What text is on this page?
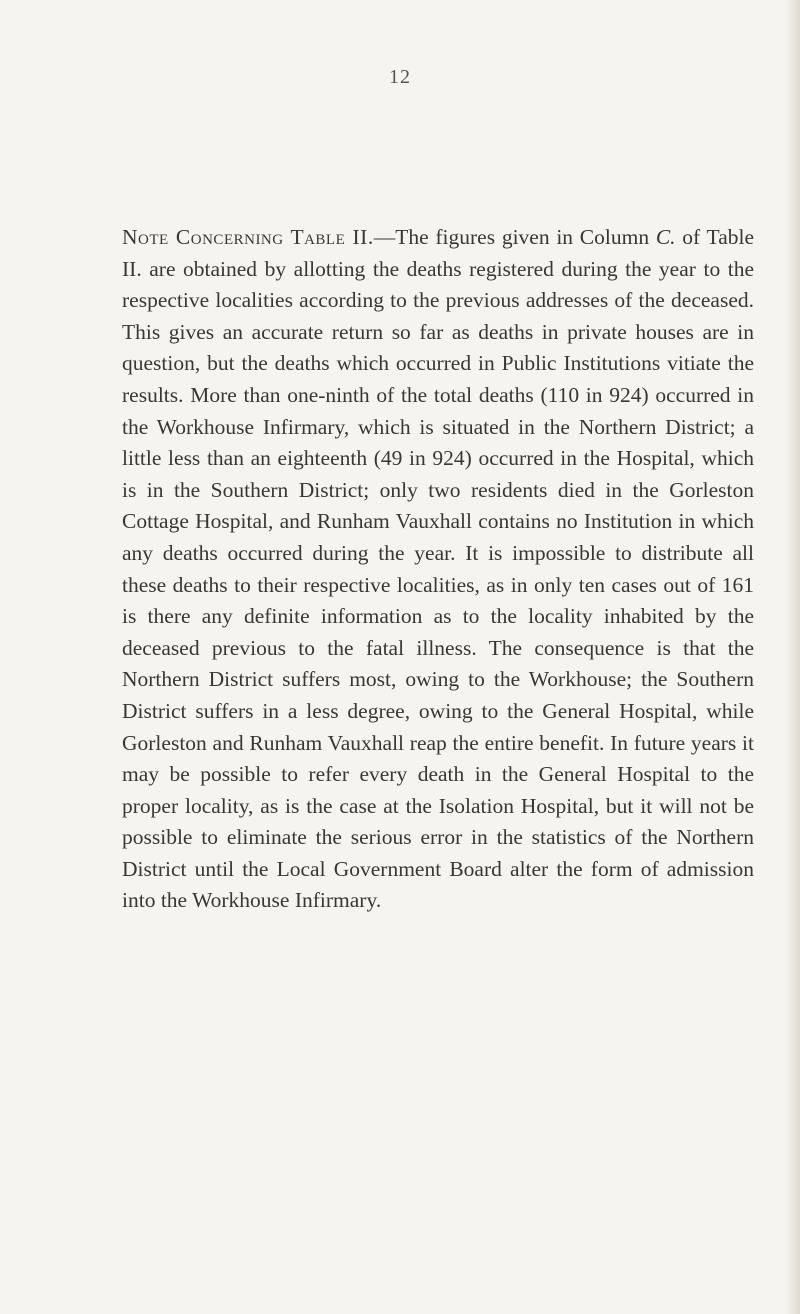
12

Note Concerning Table II.—The figures given in Column C. of Table II. are obtained by allotting the deaths registered during the year to the respective localities according to the previous addresses of the deceased. This gives an accurate return so far as deaths in private houses are in question, but the deaths which occurred in Public Institutions vitiate the results. More than one-ninth of the total deaths (110 in 924) occurred in the Workhouse Infirmary, which is situated in the Northern District; a little less than an eighteenth (49 in 924) occurred in the Hospital, which is in the Southern District; only two residents died in the Gorleston Cottage Hospital, and Runham Vauxhall contains no Institution in which any deaths occurred during the year. It is impossible to distribute all these deaths to their respective localities, as in only ten cases out of 161 is there any definite information as to the locality inhabited by the deceased previous to the fatal illness. The consequence is that the Northern District suffers most, owing to the Workhouse; the Southern District suffers in a less degree, owing to the General Hospital, while Gorleston and Runham Vauxhall reap the entire benefit. In future years it may be possible to refer every death in the General Hospital to the proper locality, as is the case at the Isolation Hospital, but it will not be possible to eliminate the serious error in the statistics of the Northern District until the Local Government Board alter the form of admission into the Workhouse Infirmary.
